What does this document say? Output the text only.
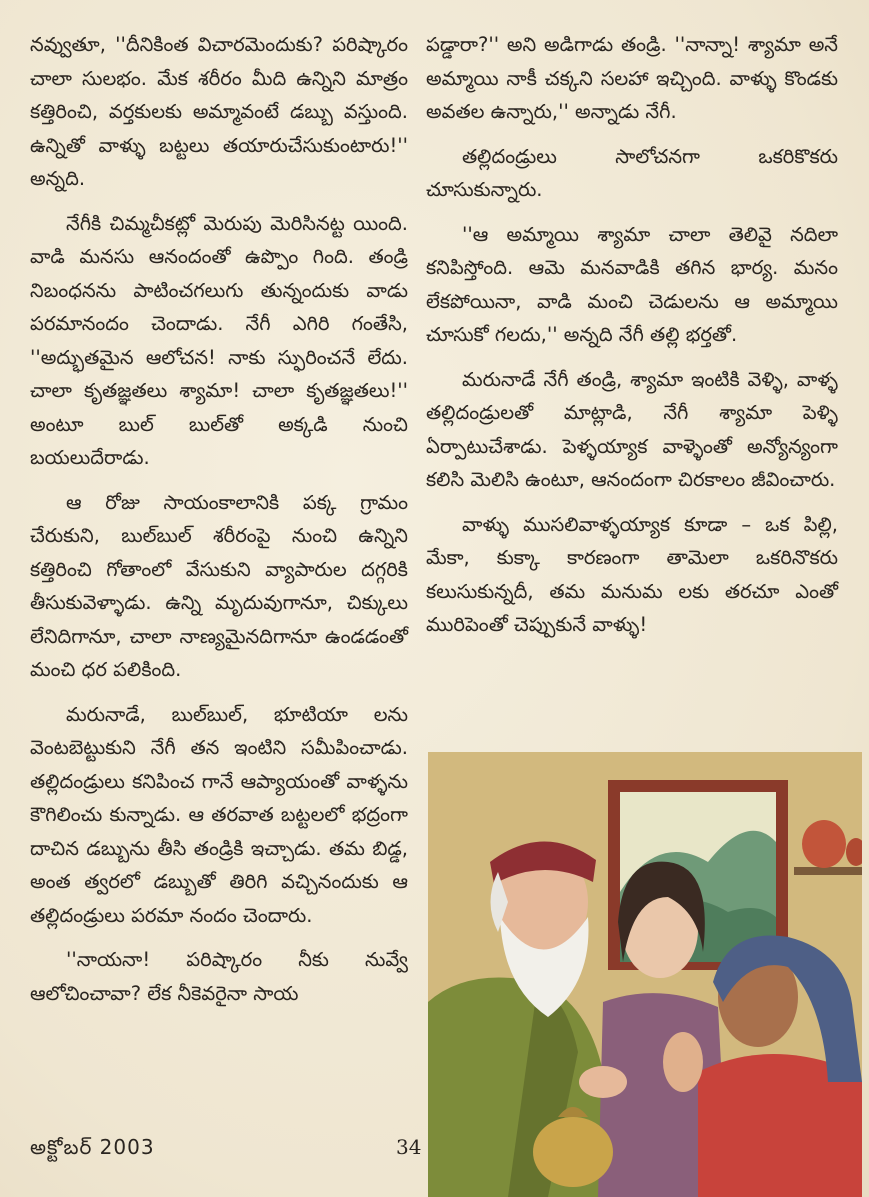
నవ్వుతూ, ''దీనికింత విచారమెందుకు? పరిష్కారం చాలా సులభం. మేక శరీరం మీది ఉన్నిని మాత్రం కత్తిరించి, వర్తకులకు అమ్మావంటే డబ్బు వస్తుంది. ఉన్నితో వాళ్ళు బట్టలు తయారుచేసుకుంటారు!'' అన్నది.

నేగీకి చిమ్మచీకట్లో మెరుపు మెరిసినట్ట యింది. వాడి మనసు ఆనందంతో ఉప్పొం గింది. తండ్రి నిబంధనను పాటించగలుగు తున్నందుకు వాడు పరమానందం చెందాడు. నేగీ ఎగిరి గంతేసి, ''అద్భుతమైన ఆలోచన! నాకు స్ఫురించనే లేదు. చాలా కృతజ్ఞతలు శ్యామా! చాలా కృతజ్ఞతలు!'' అంటూ బుల్ బుల్‌తో అక్కడి నుంచి బయలుదేరాడు.

ఆ రోజు సాయంకాలానికి పక్క గ్రామం చేరుకుని, బుల్‌బుల్ శరీరంపై నుంచి ఉన్నిని కత్తిరించి గోతాంలో వేసుకుని వ్యాపారుల దగ్గరికి తీసుకువెళ్ళాడు. ఉన్ని మృదువుగానూ, చిక్కులు లేనిదిగానూ, చాలా నాణ్యమైనదిగానూ ఉండడంతో మంచి ధర పలికింది.

మరునాడే, బుల్‌బుల్, భూటియా లను వెంటబెట్టుకుని నేగీ తన ఇంటిని సమీపించాడు. తల్లిదండ్రులు కనిపించ గానే ఆప్యాయంతో వాళ్ళను కౌగిలించు కున్నాడు. ఆ తరవాత బట్టలలో భద్రంగా దాచిన డబ్బును తీసి తండ్రికి ఇచ్చాడు. తమ బిడ్డ, అంత త్వరలో డబ్బుతో తిరిగి వచ్చినందుకు ఆ తల్లిదండ్రులు పరమా నందం చెందారు.

''నాయనా! పరిష్కారం నీకు నువ్వే ఆలోచించావా? లేక నీకెవరైనా సాయ

పడ్డారా?'' అని అడిగాడు తండ్రి. ''నాన్నా! శ్యామా అనే అమ్మాయి నాకీ చక్కని సలహా ఇచ్చింది. వాళ్ళు కొండకు అవతల ఉన్నారు,'' అన్నాడు నేగీ.

తల్లిదండ్రులు సాలోచనగా ఒకరికొకరు చూసుకున్నారు.

''ఆ అమ్మాయి శ్యామా చాలా తెలివై నదిలా కనిపిస్తోంది. ఆమె మనవాడికి తగిన భార్య. మనం లేకపోయినా, వాడి మంచి చెడులను ఆ అమ్మాయి చూసుకో గలదు,'' అన్నది నేగీ తల్లి భర్తతో.

మరునాడే నేగీ తండ్రి, శ్యామా ఇంటికి వెళ్ళి, వాళ్ళ తల్లిదండ్రులతో మాట్లాడి, నేగీ శ్యామా పెళ్ళి ఏర్పాటుచేశాడు. పెళ్ళయ్యాక వాళ్ళెంతో అన్యోన్యంగా కలిసి మెలిసి ఉంటూ, ఆనందంగా చిరకాలం జీవించారు.

వాళ్ళు ముసలివాళ్ళయ్యాక కూడా – ఒక పిల్లి, మేకా, కుక్కా కారణంగా తామెలా ఒకరినొకరు కలుసుకున్నదీ, తమ మనుమ లకు తరచూ ఎంతో మురిపెంతో చెప్పుకునే వాళ్ళు!

అక్టోబర్ 2003	34
